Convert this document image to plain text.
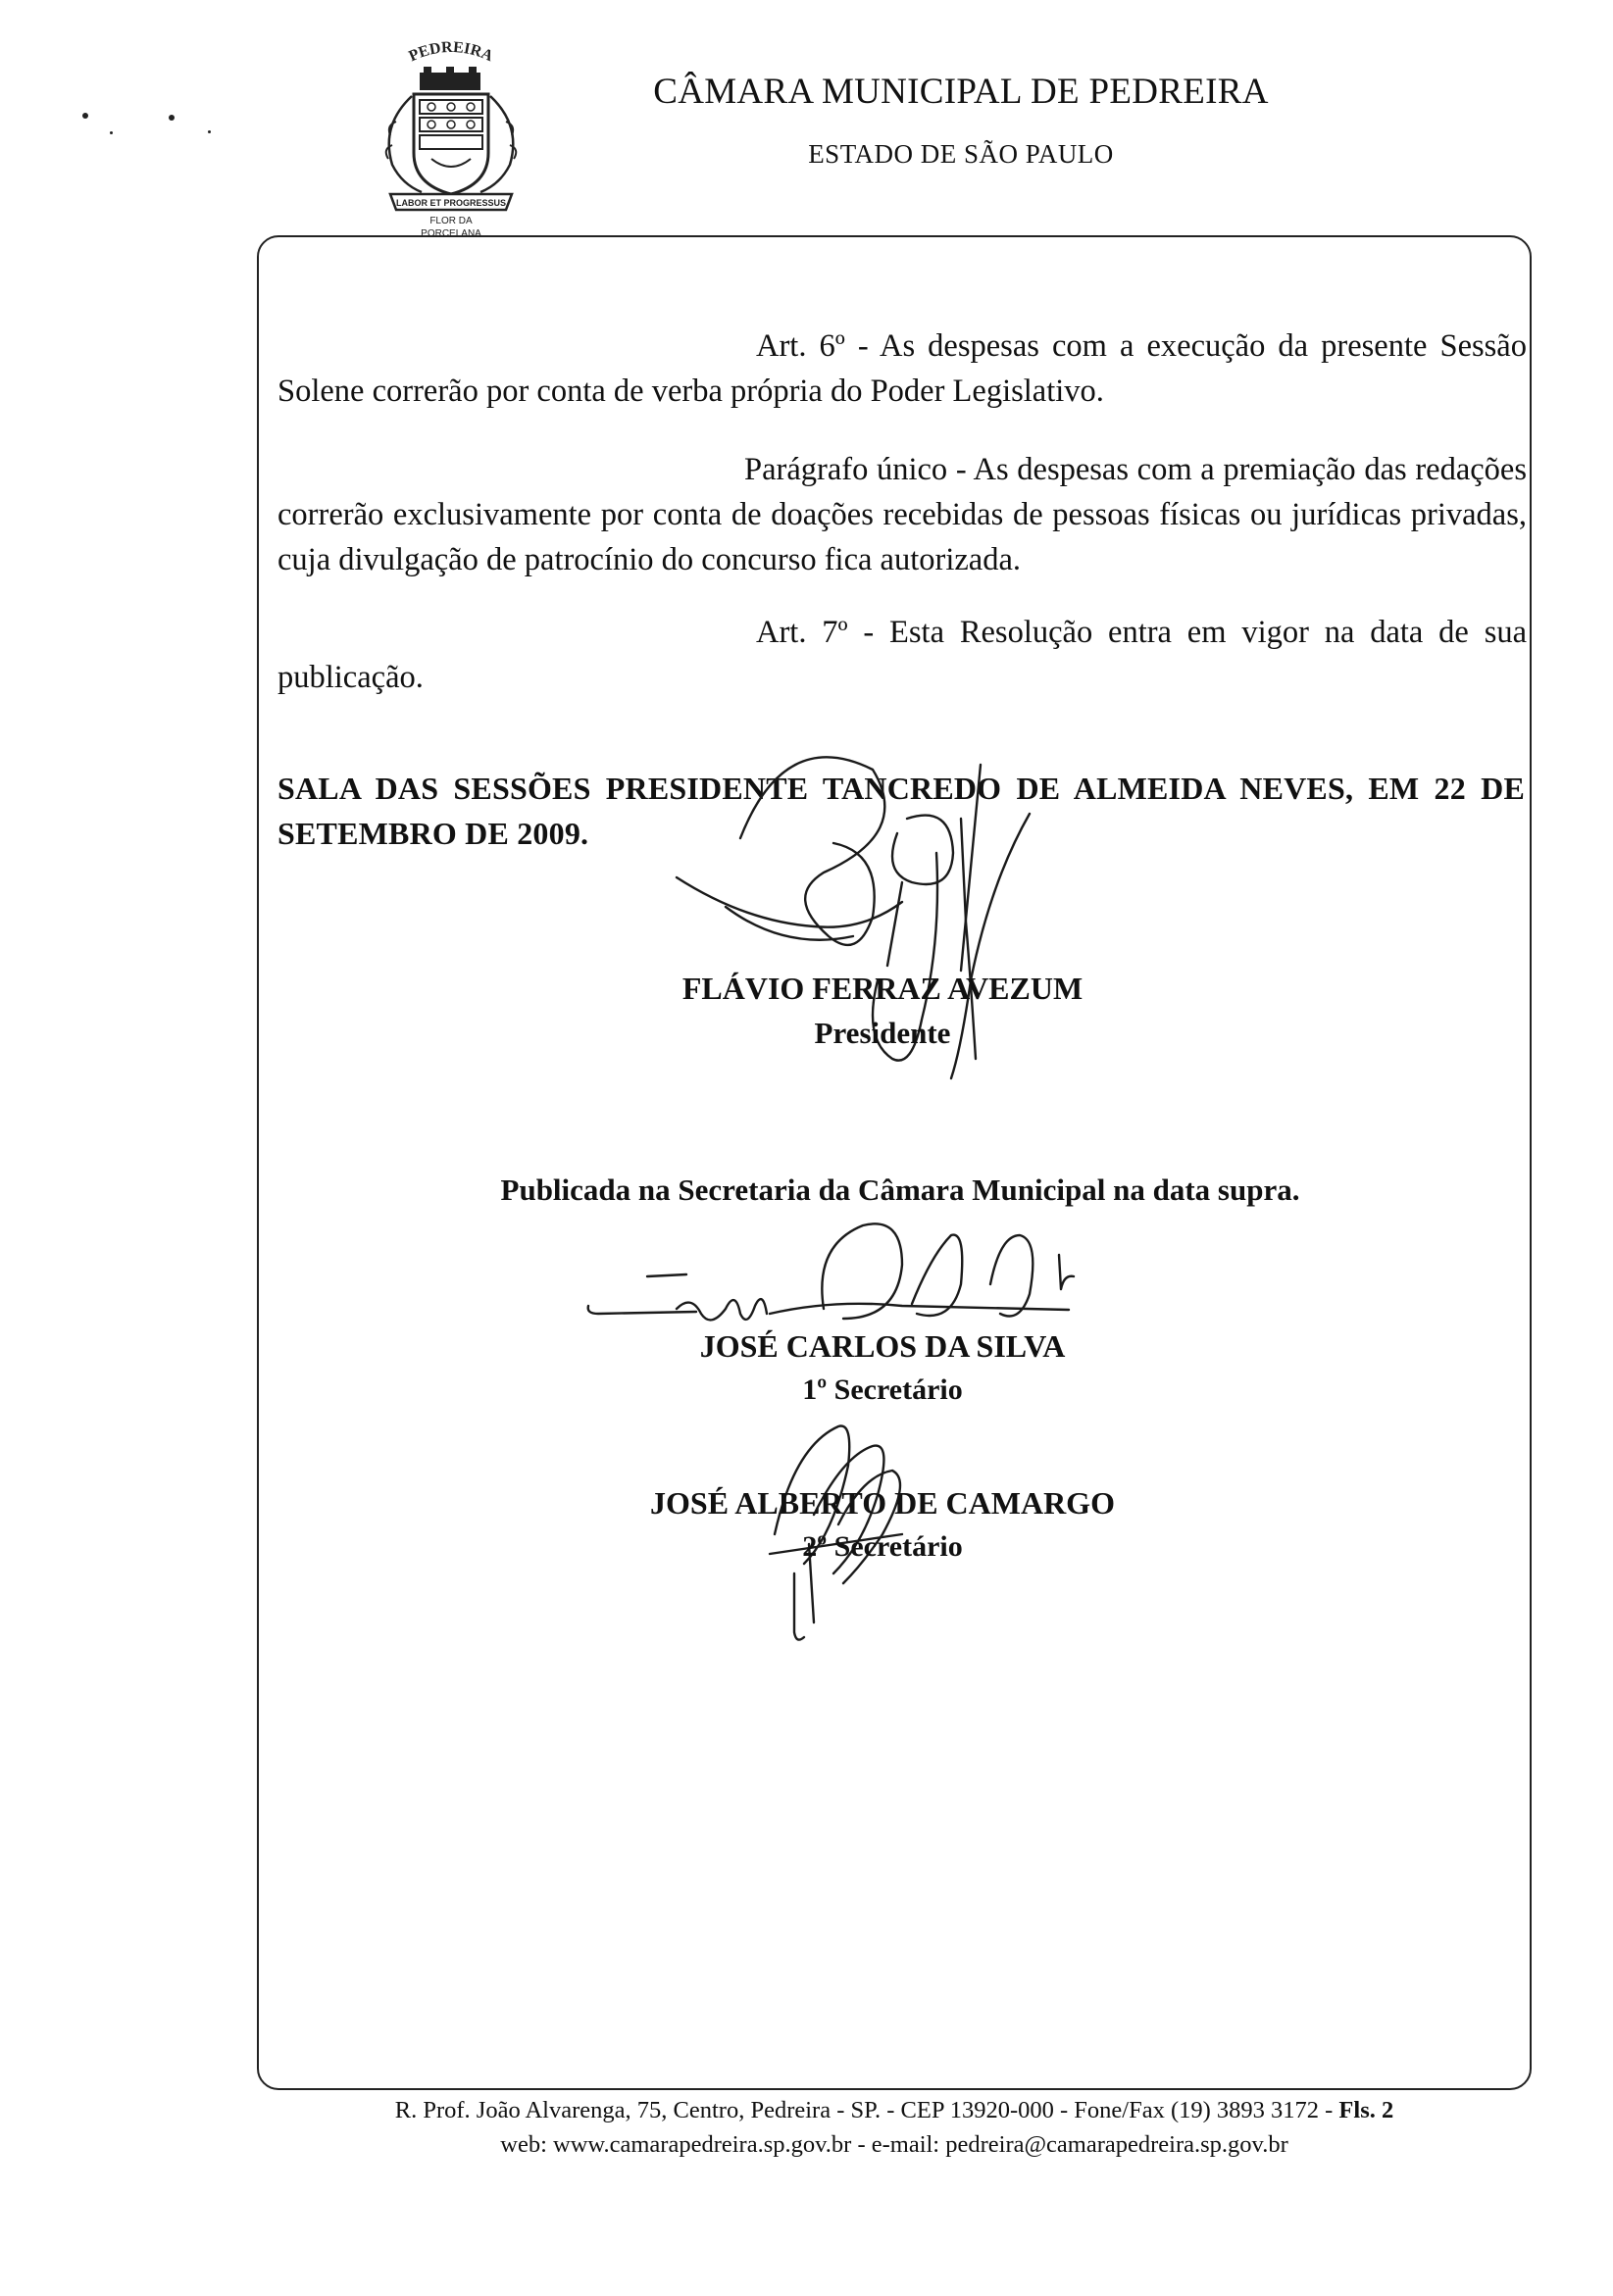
PEDREIRA
LABOR ET PROGRESSUS
FLOR DA
PORCELANA
CÂMARA MUNICIPAL DE PEDREIRA
ESTADO DE SÃO PAULO
Art. 6º - As despesas com a execução da presente Sessão Solene correrão por conta de verba própria do Poder Legislativo.
Parágrafo único - As despesas com a premiação das redações correrão exclusivamente por conta de doações recebidas de pessoas físicas ou jurídicas privadas, cuja divulgação de patrocínio do concurso fica autorizada.
Art. 7º - Esta Resolução entra em vigor na data de sua publicação.
SALA DAS SESSÕES PRESIDENTE TANCREDO DE ALMEIDA NEVES, EM 22 DE SETEMBRO DE 2009.
FLÁVIO FERRAZ AVEZUM
Presidente
Publicada na Secretaria da Câmara Municipal na data supra.
JOSÉ CARLOS DA SILVA
1º Secretário
JOSÉ ALBERTO DE CAMARGO
2º Secretário
R. Prof. João Alvarenga, 75, Centro, Pedreira - SP. - CEP 13920-000 - Fone/Fax (19) 3893 3172 - Fls. 2
web: www.camarapedreira.sp.gov.br - e-mail: pedreira@camarapedreira.sp.gov.br
